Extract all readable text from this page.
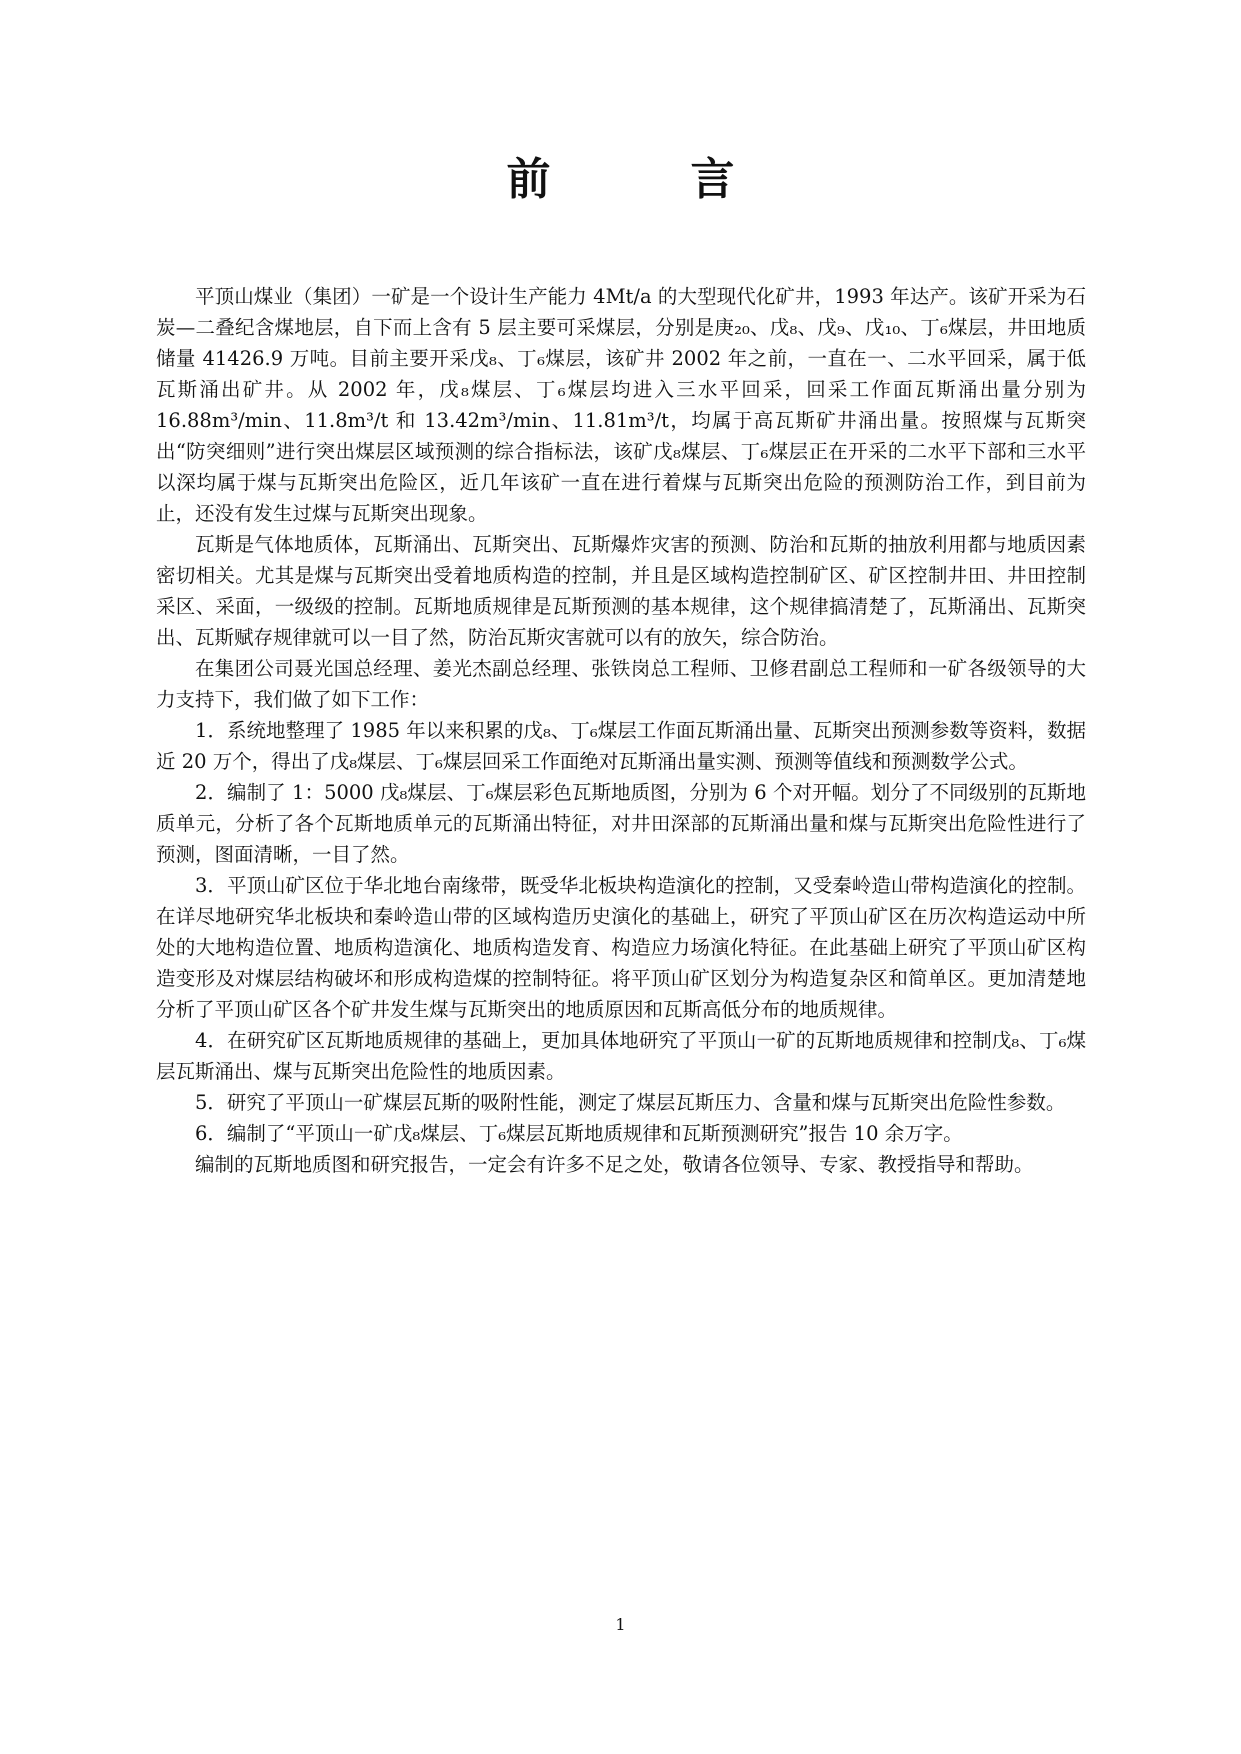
前　言

平顶山煤业（集团）一矿是一个设计生产能力 4Mt/a 的大型现代化矿井，1993 年达产。该矿开采为石炭—二叠纪含煤地层，自下而上含有 5 层主要可采煤层，分别是庚₂₀、戊₈、戊₉、戊₁₀、丁₆煤层，井田地质储量 41426.9 万吨。目前主要开采戊₈、丁₆煤层，该矿井 2002 年之前，一直在一、二水平回采，属于低瓦斯涌出矿井。从 2002 年，戊₈煤层、丁₆煤层均进入三水平回采，回采工作面瓦斯涌出量分别为 16.88m³/min、11.8m³/t 和 13.42m³/min、11.81m³/t，均属于高瓦斯矿井涌出量。按照煤与瓦斯突出“防突细则”进行突出煤层区域预测的综合指标法，该矿戊₈煤层、丁₆煤层正在开采的二水平下部和三水平以深均属于煤与瓦斯突出危险区，近几年该矿一直在进行着煤与瓦斯突出危险的预测防治工作，到目前为止，还没有发生过煤与瓦斯突出现象。

瓦斯是气体地质体，瓦斯涌出、瓦斯突出、瓦斯爆炸灾害的预测、防治和瓦斯的抽放利用都与地质因素密切相关。尤其是煤与瓦斯突出受着地质构造的控制，并且是区域构造控制矿区、矿区控制井田、井田控制采区、采面，一级级的控制。瓦斯地质规律是瓦斯预测的基本规律，这个规律搞清楚了，瓦斯涌出、瓦斯突出、瓦斯赋存规律就可以一目了然，防治瓦斯灾害就可以有的放矢，综合防治。

在集团公司聂光国总经理、姜光杰副总经理、张铁岗总工程师、卫修君副总工程师和一矿各级领导的大力支持下，我们做了如下工作：

1．系统地整理了 1985 年以来积累的戊₈、丁₆煤层工作面瓦斯涌出量、瓦斯突出预测参数等资料，数据近 20 万个，得出了戊₈煤层、丁₆煤层回采工作面绝对瓦斯涌出量实测、预测等值线和预测数学公式。

2．编制了 1：5000 戊₈煤层、丁₆煤层彩色瓦斯地质图，分别为 6 个对开幅。划分了不同级别的瓦斯地质单元，分析了各个瓦斯地质单元的瓦斯涌出特征，对井田深部的瓦斯涌出量和煤与瓦斯突出危险性进行了预测，图面清晰，一目了然。

3．平顶山矿区位于华北地台南缘带，既受华北板块构造演化的控制，又受秦岭造山带构造演化的控制。在详尽地研究华北板块和秦岭造山带的区域构造历史演化的基础上，研究了平顶山矿区在历次构造运动中所处的大地构造位置、地质构造演化、地质构造发育、构造应力场演化特征。在此基础上研究了平顶山矿区构造变形及对煤层结构破坏和形成构造煤的控制特征。将平顶山矿区划分为构造复杂区和简单区。更加清楚地分析了平顶山矿区各个矿井发生煤与瓦斯突出的地质原因和瓦斯高低分布的地质规律。

4．在研究矿区瓦斯地质规律的基础上，更加具体地研究了平顶山一矿的瓦斯地质规律和控制戊₈、丁₆煤层瓦斯涌出、煤与瓦斯突出危险性的地质因素。

5．研究了平顶山一矿煤层瓦斯的吸附性能，测定了煤层瓦斯压力、含量和煤与瓦斯突出危险性参数。

6．编制了“平顶山一矿戊₈煤层、丁₆煤层瓦斯地质规律和瓦斯预测研究”报告 10 余万字。

编制的瓦斯地质图和研究报告，一定会有许多不足之处，敬请各位领导、专家、教授指导和帮助。

1
